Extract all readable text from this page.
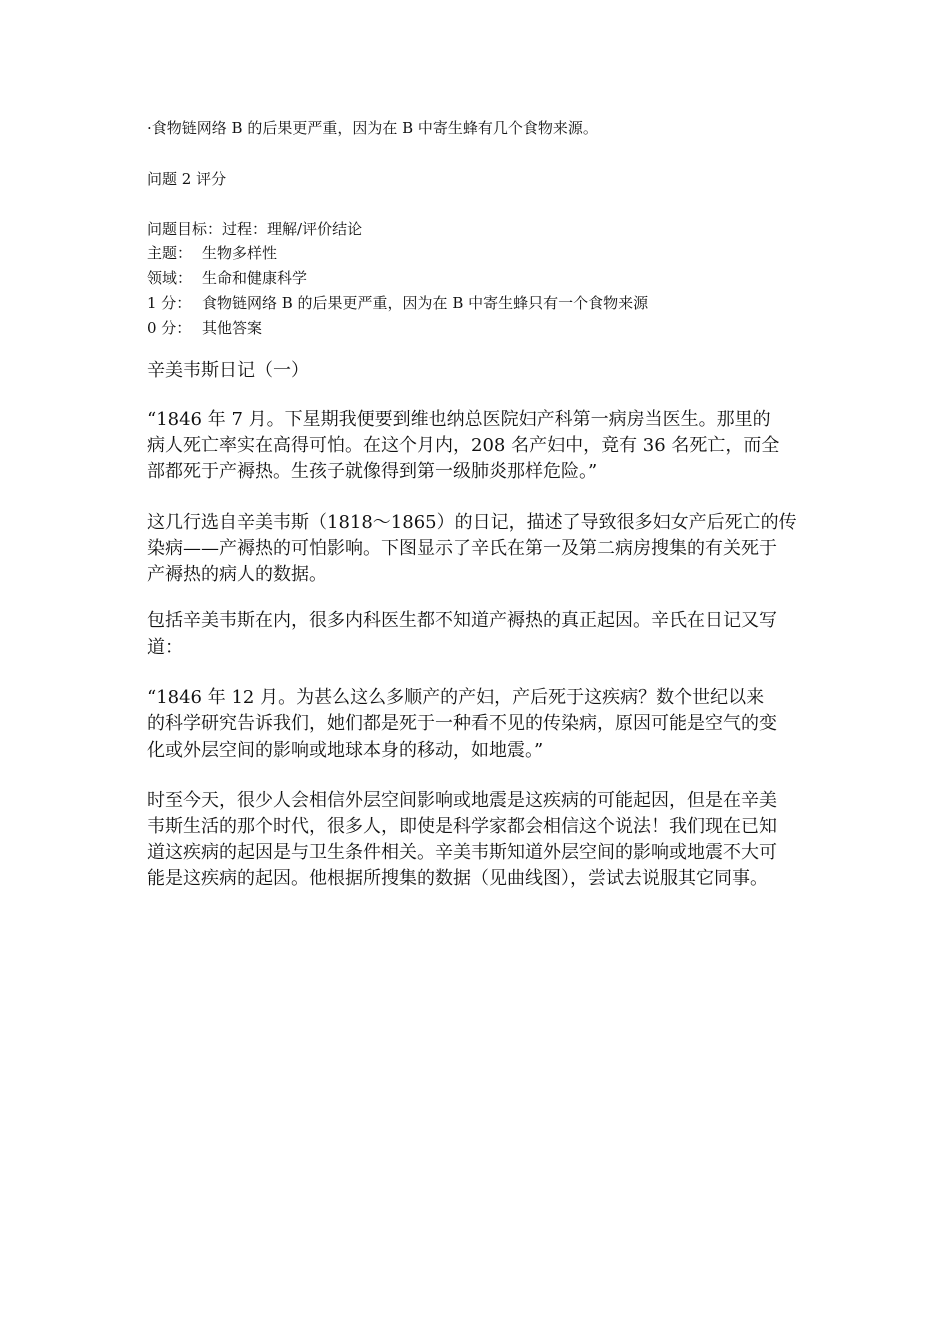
·食物链网络 B 的后果更严重，因为在 B 中寄生蜂有几个食物来源。

问题 2 评分

问题目标：过程：理解/评价结论

主题： 生物多样性

领域： 生命和健康科学

1 分： 食物链网络 B 的后果更严重，因为在 B 中寄生蜂只有一个食物来源

0 分： 其他答案

辛美韦斯日记（一）

“1846 年 7 月。下星期我便要到维也纳总医院妇产科第一病房当医生。那里的

病人死亡率实在高得可怕。在这个月内，208 名产妇中，竟有 36 名死亡，而全

部都死于产褥热。生孩子就像得到第一级肺炎那样危险。”

这几行选自辛美韦斯（1818～1865）的日记，描述了导致很多妇女产后死亡的传

染病——产褥热的可怕影响。下图显示了辛氏在第一及第二病房搜集的有关死于

产褥热的病人的数据。

包括辛美韦斯在内，很多内科医生都不知道产褥热的真正起因。辛氏在日记又写

道：

“1846 年 12 月。为甚么这么多顺产的产妇，产后死于这疾病？数个世纪以来

的科学研究告诉我们，她们都是死于一种看不见的传染病，原因可能是空气的变

化或外层空间的影响或地球本身的移动，如地震。”

时至今天，很少人会相信外层空间影响或地震是这疾病的可能起因，但是在辛美

韦斯生活的那个时代，很多人，即使是科学家都会相信这个说法！我们现在已知

道这疾病的起因是与卫生条件相关。辛美韦斯知道外层空间的影响或地震不大可

能是这疾病的起因。他根据所搜集的数据（见曲线图），尝试去说服其它同事。
